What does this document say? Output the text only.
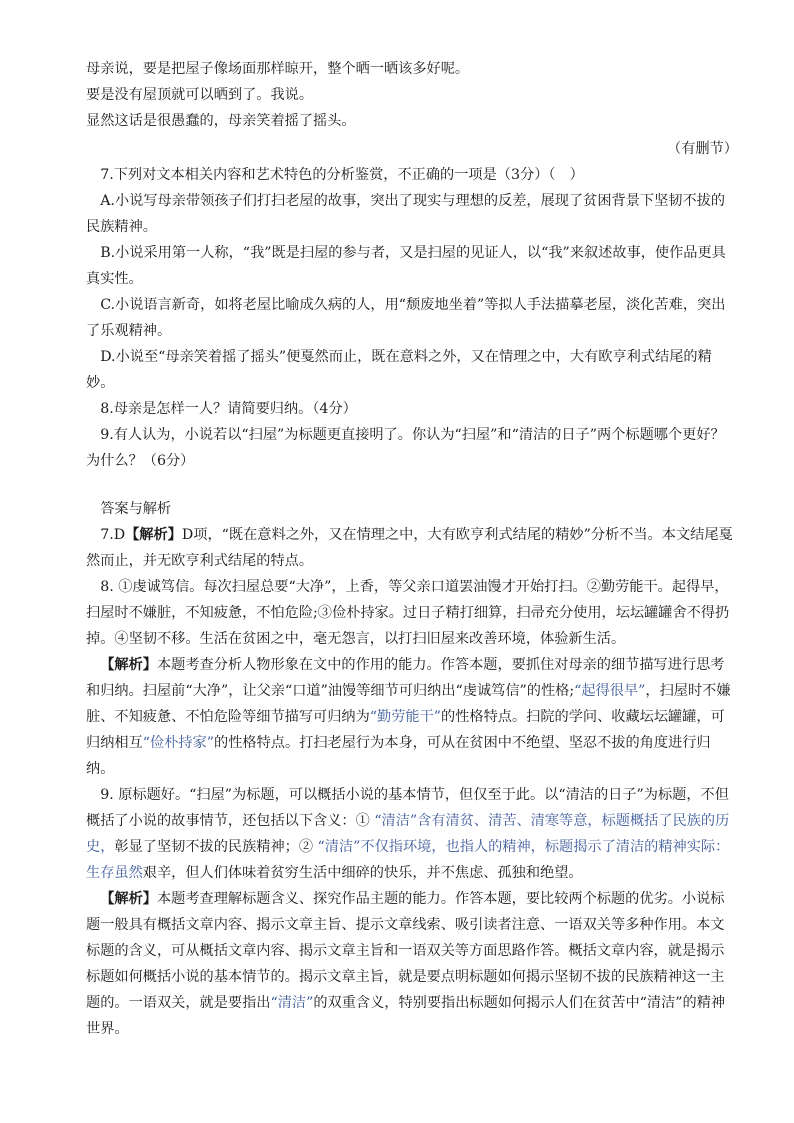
母亲说，要是把屋子像场面那样晾开，整个晒一晒该多好呢。

要是没有屋顶就可以晒到了。我说。

显然这话是很愚蠢的，母亲笑着摇了摇头。

（有删节）

7.下列对文本相关内容和艺术特色的分析鉴赏，不正确的一项是（3分）（　）

A.小说写母亲带领孩子们打扫老屋的故事，突出了现实与理想的反差，展现了贫困背景下坚韧不拔的民族精神。

B.小说采用第一人称，“我”既是扫屋的参与者，又是扫屋的见证人，以“我”来叙述故事，使作品更具真实性。

C.小说语言新奇，如将老屋比喻成久病的人，用“颓废地坐着”等拟人手法描摹老屋，淡化苦难，突出了乐观精神。

D.小说至“母亲笑着摇了摇头”便戛然而止，既在意料之外，又在情理之中，大有欧亨利式结尾的精妙。

8.母亲是怎样一人？请简要归纳。（4分）

9.有人认为，小说若以“扫屋”为标题更直接明了。你认为“扫屋”和“清洁的日子”两个标题哪个更好？为什么？（6分）

答案与解析

7.D【解析】D项，“既在意料之外，又在情理之中，大有欧亨利式结尾的精妙”分析不当。本文结尾戛然而止，并无欧亨利式结尾的特点。

8. ①虔诚笃信。每次扫屋总要“大净”，上香，等父亲口道罢油馒才开始打扫。②勤劳能干。起得早，扫屋时不嫌脏，不知疲惫，不怕危险;③俭朴持家。过日子精打细算，扫帚充分使用，坛坛罐罐舍不得扔掉。④坚韧不移。生活在贫困之中，毫无怨言，以打扫旧屋来改善环境，体验新生活。

【解析】本题考查分析人物形象在文中的作用的能力。作答本题，要抓住对母亲的细节描写进行思考和归纳。扫屋前“大净”，让父亲“口道”油馒等细节可归纳出“虔诚笃信”的性格;“起得很早”，扫屋时不嫌脏、不知疲惫、不怕危险等细节描写可归纳为“勤劳能干”的性格特点。扫院的学问、收藏坛坛罐罐，可归纳相互“俭朴持家”的性格特点。打扫老屋行为本身，可从在贫困中不绝望、坚忍不拔的角度进行归纳。

9. 原标题好。“扫屋”为标题，可以概括小说的基本情节，但仅至于此。以“清洁的日子”为标题，不但概括了小说的故事情节，还包括以下含义：① “清洁”含有清贫、清苦、清寒等意，标题概括了民族的历史，彰显了坚韧不拔的民族精神；② “清洁”不仅指环境，也指人的精神，标题揭示了清洁的精神实际：生存虽然艰辛，但人们体味着贫穷生活中细碎的快乐，并不焦虑、孤独和绝望。

【解析】本题考查理解标题含义、探究作品主题的能力。作答本题，要比较两个标题的优劣。小说标题一般具有概括文章内容、揭示文章主旨、提示文章线索、吸引读者注意、一语双关等多种作用。本文标题的含义，可从概括文章内容、揭示文章主旨和一语双关等方面思路作答。概括文章内容，就是揭示标题如何概括小说的基本情节的。揭示文章主旨，就是要点明标题如何揭示坚韧不拔的民族精神这一主题的。一语双关，就是要指出“清洁”的双重含义，特别要指出标题如何揭示人们在贫苦中“清洁”的精神世界。
